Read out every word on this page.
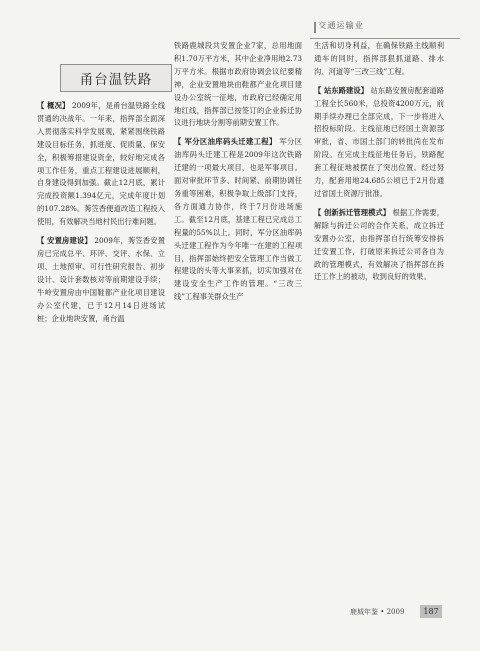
交通运输业
甬台温铁路

【 概况】 2009年，是甬台温铁路全线贯通的决战年。一年来，指挥部全面深入贯彻落实科学发展观，紧紧围绕铁路建设目标任务，抓进度、促质量、保安全，积极筹措建设资金，较好地完成各项工作任务，重点工程建设进展顺利，自身建设得到加强。截止12月底，累计完成投资额1.394亿元，完成年度计划的107.28%。莠笠香便道改造工程投入使用，有效解决当地村民出行难问题。

【 安置房建设】 2009年，莠笠香安置房已完成总平、环评、交评、水保、立项、土地预审、可行性研究报告、初步设计、设计套数核对等前期建设手续；牛岭安置房由中国鞋都产业化项目建设办公室代建，已于12月14日进场试桩；企业地块安置，甬台温

铁路鹿城段共安置企业7家，总用地面积1.70万平方米，其中企业净用地2.73万平方米。根据市政府协调会议纪要精神，企业安置地块由鞋都产业化项目建设办公室统一征地，市政府已经确定用地红线，指挥部已按签订的企业拆迁协议进行地块分割等前期安置工作。

【 军分区油库码头迁建工程】 军分区油库码头迁建工程是2009年这次铁路迁建的一项最大项目，也是军事项目。面对审批环节多、时间紧、前期协调任务重等困难，积极争取上级部门支持，各方面通力协作，终于7月份进场施工。截至12月底，基建工程已完成总工程量的55%以上。同时，军分区油库码头迁建工程作为今年唯一在建的工程项目，指挥部始终把安全管理工作当做工程建设的头等大事来抓，切实加强对在建设安全生产工作的管理。“三改三线”工程事关群众生产

生活和切身利益，在确保铁路主线顺利通车的同时，指挥部狠抓道路、排水沟、河道等“三改三线”工程。

【 站东路建设】 站东路安置房配套道路工程全长560米，总投资4200万元，前期手续办理已全部完成，下一步将进入招投标阶段。主线征地已经国土资源部审批，省、市国土部门的转批尚在发布阶段。在完成主线征地任务后，铁路配套工程征地被摆在了突出位置。经过努力，配套用地24.685公顷已于2月份通过省国土资源厅批准。

【 创新拆迁管理模式】 根据工作需要，解除与拆迁公司的合作关系，成立拆迁安置办公室，由指挥部自行统筹安排拆迁安置工作，打破原来拆迁公司各自为政的管理模式，有效解决了指挥部在拆迁工作上的被动，收到良好的效果。

鹿城年鉴 • 2009	187
